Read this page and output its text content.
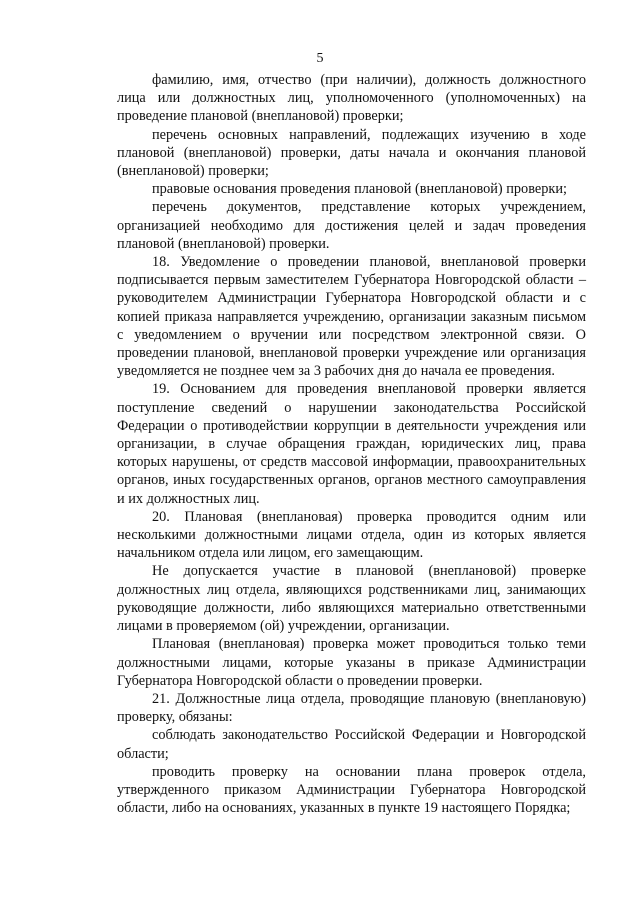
5

фамилию, имя, отчество (при наличии), должность должностного лица или должностных лиц, уполномоченного (уполномоченных) на проведение плановой (внеплановой) проверки;

перечень основных направлений, подлежащих изучению в ходе плановой (внеплановой) проверки, даты начала и окончания плановой (внеплановой) проверки;

правовые основания проведения плановой (внеплановой) проверки;

перечень документов, представление которых учреждением, организацией необходимо для достижения целей и задач проведения плановой (внеплановой) проверки.

18. Уведомление о проведении плановой, внеплановой проверки подписывается первым заместителем Губернатора Новгородской области – руководителем Администрации Губернатора Новгородской области и с копией приказа направляется учреждению, организации заказным письмом с уведомлением о вручении или посредством электронной связи. О проведении плановой, внеплановой проверки учреждение или организация уведомляется не позднее чем за 3 рабочих дня до начала ее проведения.

19. Основанием для проведения внеплановой проверки является поступление сведений о нарушении законодательства Российской Федерации о противодействии коррупции в деятельности учреждения или организации, в случае обращения граждан, юридических лиц, права которых нарушены, от средств массовой информации, правоохранительных органов, иных государственных органов, органов местного самоуправления и их должностных лиц.

20. Плановая (внеплановая) проверка проводится одним или несколькими должностными лицами отдела, один из которых является начальником отдела или лицом, его замещающим.

Не допускается участие в плановой (внеплановой) проверке должностных лиц отдела, являющихся родственниками лиц, занимающих руководящие должности, либо являющихся материально ответственными лицами в проверяемом (ой) учреждении, организации.

Плановая (внеплановая) проверка может проводиться только теми должностными лицами, которые указаны в приказе Администрации Губернатора Новгородской области о проведении проверки.

21. Должностные лица отдела, проводящие плановую (внеплановую) проверку, обязаны:

соблюдать законодательство Российской Федерации и Новгородской области;

проводить проверку на основании плана проверок отдела, утвержденного приказом Администрации Губернатора Новгородской области, либо на основаниях, указанных в пункте 19 настоящего Порядка;
